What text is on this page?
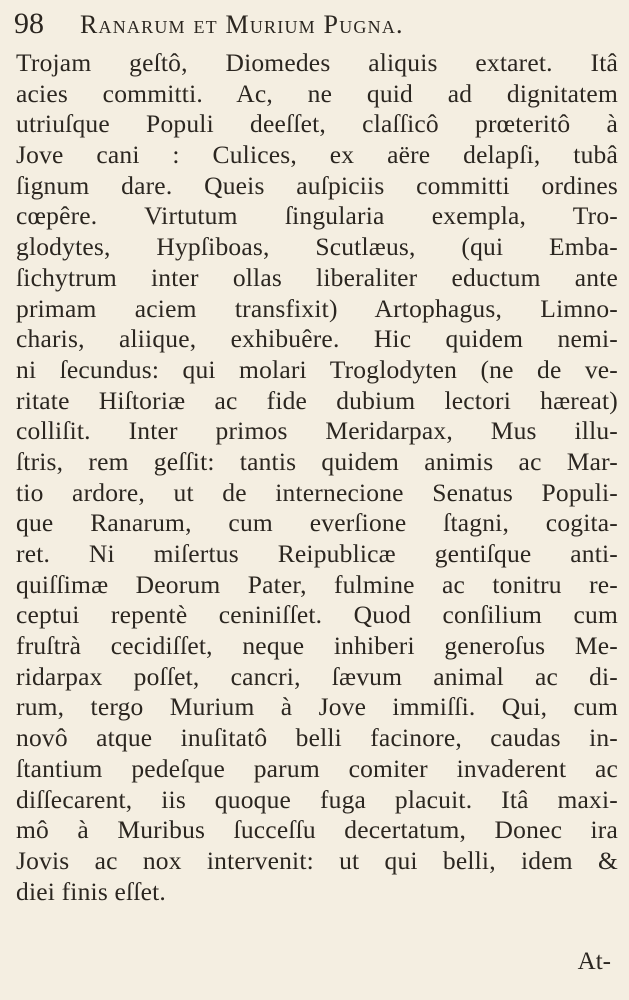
98	Ranarum et Murium Pugna.
Trojam geſtô, Diomedes aliquis extaret. Itâ
acies committi. Ac, ne quid ad dignitatem
utriuſque Populi deeſſet, claſſicô prœteritô à
Jove cani : Culices, ex aëre delapſi, tubâ
ſignum dare. Queis auſpiciis committi ordines
cœpêre. Virtutum ſingularia exempla, Tro-
glodytes, Hypſiboas, Scutlæus, (qui Emba-
ſichytrum inter ollas liberaliter eductum ante
primam aciem transfixit) Artophagus, Limno-
charis, aliique, exhibuêre. Hic quidem nemi-
ni ſecundus: qui molari Troglodyten (ne de ve-
ritate Hiſtoriæ ac fide dubium lectori hæreat)
colliſit. Inter primos Meridarpax, Mus illu-
ſtris, rem geſſit: tantis quidem animis ac Mar-
tio ardore, ut de internecione Senatus Populi-
que Ranarum, cum everſione ſtagni, cogita-
ret. Ni miſertus Reipublicæ gentiſque anti-
quiſſimæ Deorum Pater, fulmine ac tonitru re-
ceptui repentè ceniniſſet. Quod conſilium cum
fruſtrà cecidiſſet, neque inhiberi generoſus Me-
ridarpax poſſet, cancri, ſævum animal ac di-
rum, tergo Murium à Jove immiſſi. Qui, cum
novô atque inuſitatô belli facinore, caudas in-
ſtantium pedeſque parum comiter invaderent ac
diſſecarent, iis quoque fuga placuit. Itâ maxi-
mô à Muribus ſucceſſu decertatum, Donec ira
Jovis ac nox intervenit: ut qui belli, idem &
diei finis eſſet.
At-
